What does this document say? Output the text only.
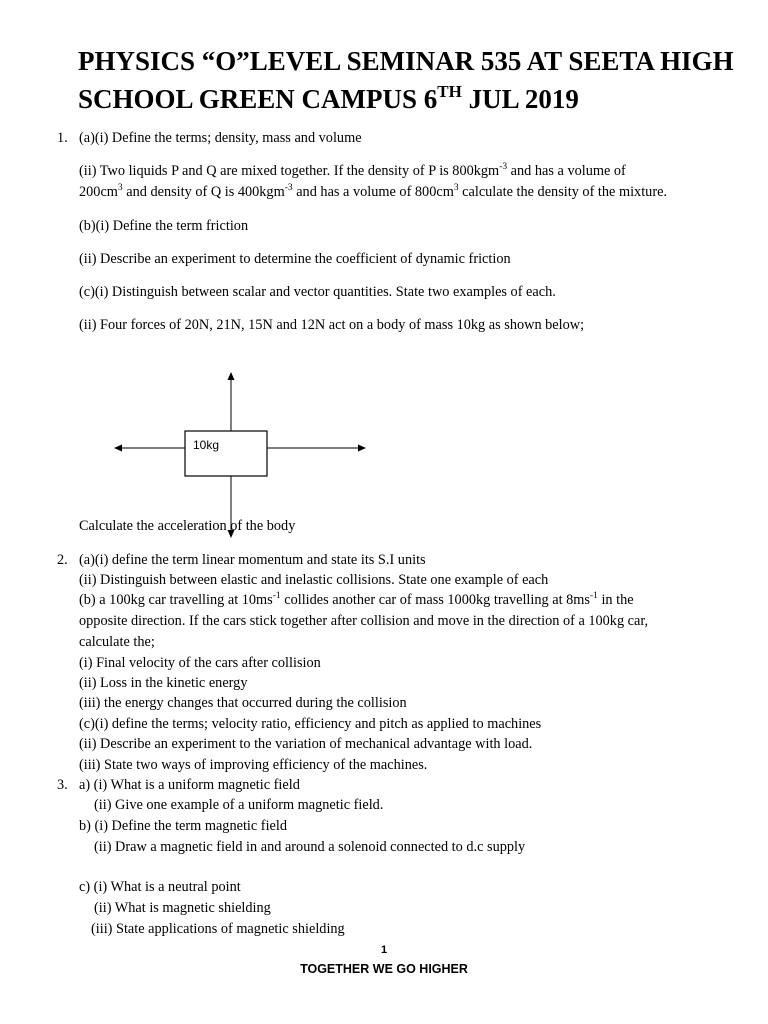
PHYSICS “O”LEVEL SEMINAR 535 AT SEETA HIGH SCHOOL GREEN CAMPUS 6TH JUL 2019
1. (a)(i) Define the terms; density, mass and volume
(ii) Two liquids P and Q are mixed together. If the density of P is 800kgm$^{-3}$ and has a volume of
$200cm^3$ and density of Q is 400kgm$^{-3}$ and has a volume of $800cm^3$ calculate the density of the mixture.
(b)(i) Define the term friction
(ii) Describe an experiment to determine the coefficient of dynamic friction
(c)(i) Distinguish between scalar and vector quantities. State two examples of each.
(ii) Four forces of 20N, 21N, 15N and 12N act on a body of mass 10kg as shown below;
10kg
Calculate the acceleration of the body
2. (a)(i) define the term linear momentum and state its S.I units
(ii) Distinguish between elastic and inelastic collisions. State one example of each
(b) a 100kg car travelling at $10ms^{-1}$ collides another car of mass 1000kg travelling at $8ms^{-1}$ in the
opposite direction. If the cars stick together after collision and move in the direction of a 100kg car,
calculate the;
(i) Final velocity of the cars after collision
(ii) Loss in the kinetic energy
(iii) the energy changes that occurred during the collision
(c)(i) define the terms; velocity ratio, efficiency and pitch as applied to machines
(ii) Describe an experiment to the variation of mechanical advantage with load.
(iii) State two ways of improving efficiency of the machines.
3. a) (i) What is a uniform magnetic field
(ii) Give one example of a uniform magnetic field.
b) (i) Define the term magnetic field
(ii) Draw a magnetic field in and around a solenoid connected to d.c supply
c) (i) What is a neutral point
(ii) What is magnetic shielding
(iii) State applications of magnetic shielding
1
TOGETHER WE GO HIGHER
